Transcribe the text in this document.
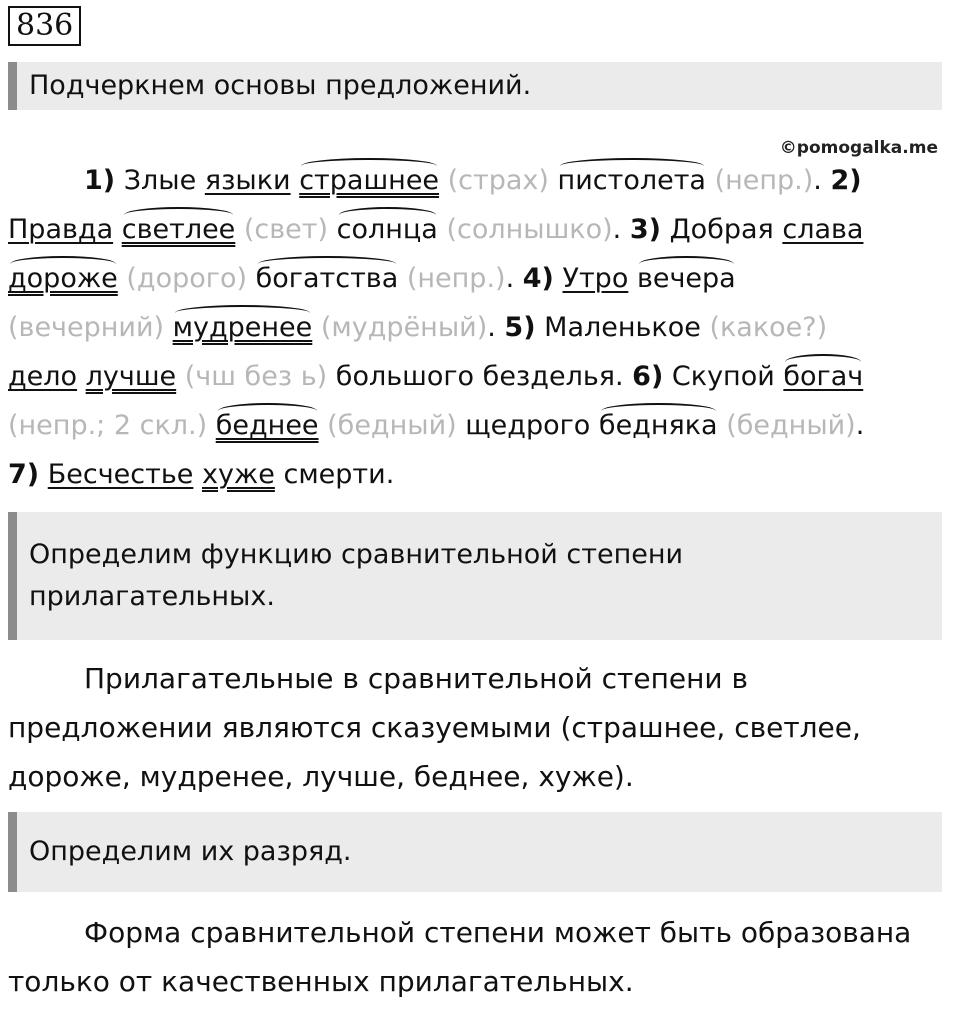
836
Подчеркнем основы предложений.
©pomogalka.me
1) Злые языки страшнее (страх) пистолета (непр.). 2)
Правда светлее (свет) солнца (солнышко). 3) Добрая слава
дороже (дорого) богатства (непр.). 4) Утро вечера
(вечерний) мудренее (мудрёный). 5) Маленькое (какое?)
дело лучше (чш без ь) большого безделья. 6) Скупой богач
(непр.; 2 скл.) беднее (бедный) щедрого бедняка (бедный).
7) Бесчестье хуже смерти.
Определим функцию сравнительной степени прилагательных.
Прилагательные в сравнительной степени в предложении являются сказуемыми (страшнее, светлее, дороже, мудренее, лучше, беднее, хуже).
Определим их разряд.
Форма сравнительной степени может быть образована только от качественных прилагательных.
